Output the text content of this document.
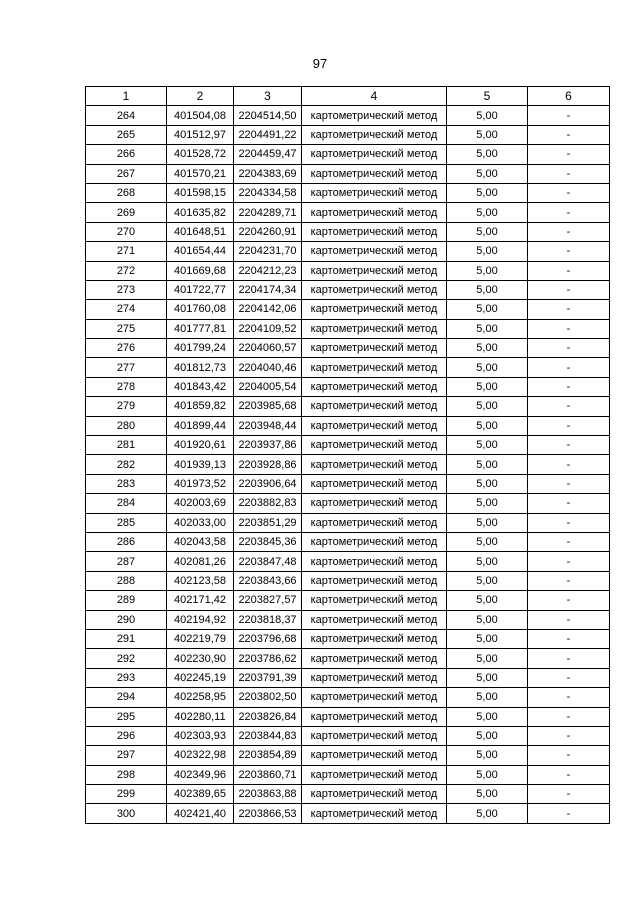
97
1	2	3	4	5	6
264	401504,08	2204514,50	картометрический метод	5,00	-
265	401512,97	2204491,22	картометрический метод	5,00	-
266	401528,72	2204459,47	картометрический метод	5,00	-
267	401570,21	2204383,69	картометрический метод	5,00	-
268	401598,15	2204334,58	картометрический метод	5,00	-
269	401635,82	2204289,71	картометрический метод	5,00	-
270	401648,51	2204260,91	картометрический метод	5,00	-
271	401654,44	2204231,70	картометрический метод	5,00	-
272	401669,68	2204212,23	картометрический метод	5,00	-
273	401722,77	2204174,34	картометрический метод	5,00	-
274	401760,08	2204142,06	картометрический метод	5,00	-
275	401777,81	2204109,52	картометрический метод	5,00	-
276	401799,24	2204060,57	картометрический метод	5,00	-
277	401812,73	2204040,46	картометрический метод	5,00	-
278	401843,42	2204005,54	картометрический метод	5,00	-
279	401859,82	2203985,68	картометрический метод	5,00	-
280	401899,44	2203948,44	картометрический метод	5,00	-
281	401920,61	2203937,86	картометрический метод	5,00	-
282	401939,13	2203928,86	картометрический метод	5,00	-
283	401973,52	2203906,64	картометрический метод	5,00	-
284	402003,69	2203882,83	картометрический метод	5,00	-
285	402033,00	2203851,29	картометрический метод	5,00	-
286	402043,58	2203845,36	картометрический метод	5,00	-
287	402081,26	2203847,48	картометрический метод	5,00	-
288	402123,58	2203843,66	картометрический метод	5,00	-
289	402171,42	2203827,57	картометрический метод	5,00	-
290	402194,92	2203818,37	картометрический метод	5,00	-
291	402219,79	2203796,68	картометрический метод	5,00	-
292	402230,90	2203786,62	картометрический метод	5,00	-
293	402245,19	2203791,39	картометрический метод	5,00	-
294	402258,95	2203802,50	картометрический метод	5,00	-
295	402280,11	2203826,84	картометрический метод	5,00	-
296	402303,93	2203844,83	картометрический метод	5,00	-
297	402322,98	2203854,89	картометрический метод	5,00	-
298	402349,96	2203860,71	картометрический метод	5,00	-
299	402389,65	2203863,88	картометрический метод	5,00	-
300	402421,40	2203866,53	картометрический метод	5,00	-
